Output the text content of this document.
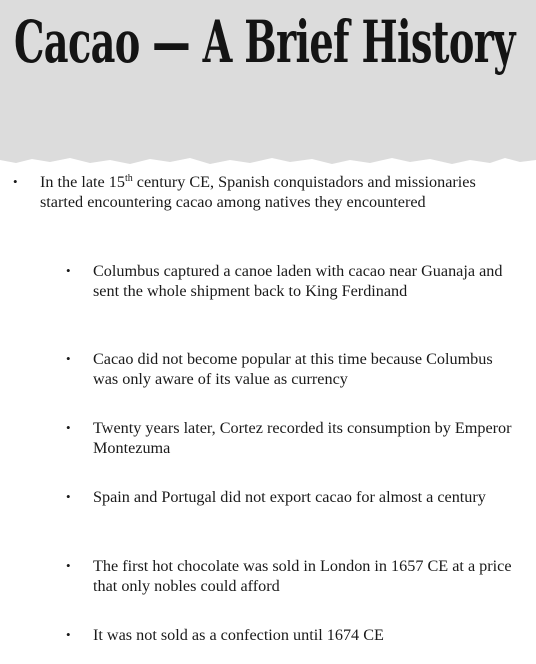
Cacao — A Brief History
• In the late 15th century CE, Spanish conquistadors and missionaries started encountering cacao among natives they encountered
• Columbus captured a canoe laden with cacao near Guanaja and sent the whole shipment back to King Ferdinand
• Cacao did not become popular at this time because Columbus was only aware of its value as currency
• Twenty years later, Cortez recorded its consumption by Emperor Montezuma
• Spain and Portugal did not export cacao for almost a century
• The first hot chocolate was sold in London in 1657 CE at a price that only nobles could afford
• It was not sold as a confection until 1674 CE
